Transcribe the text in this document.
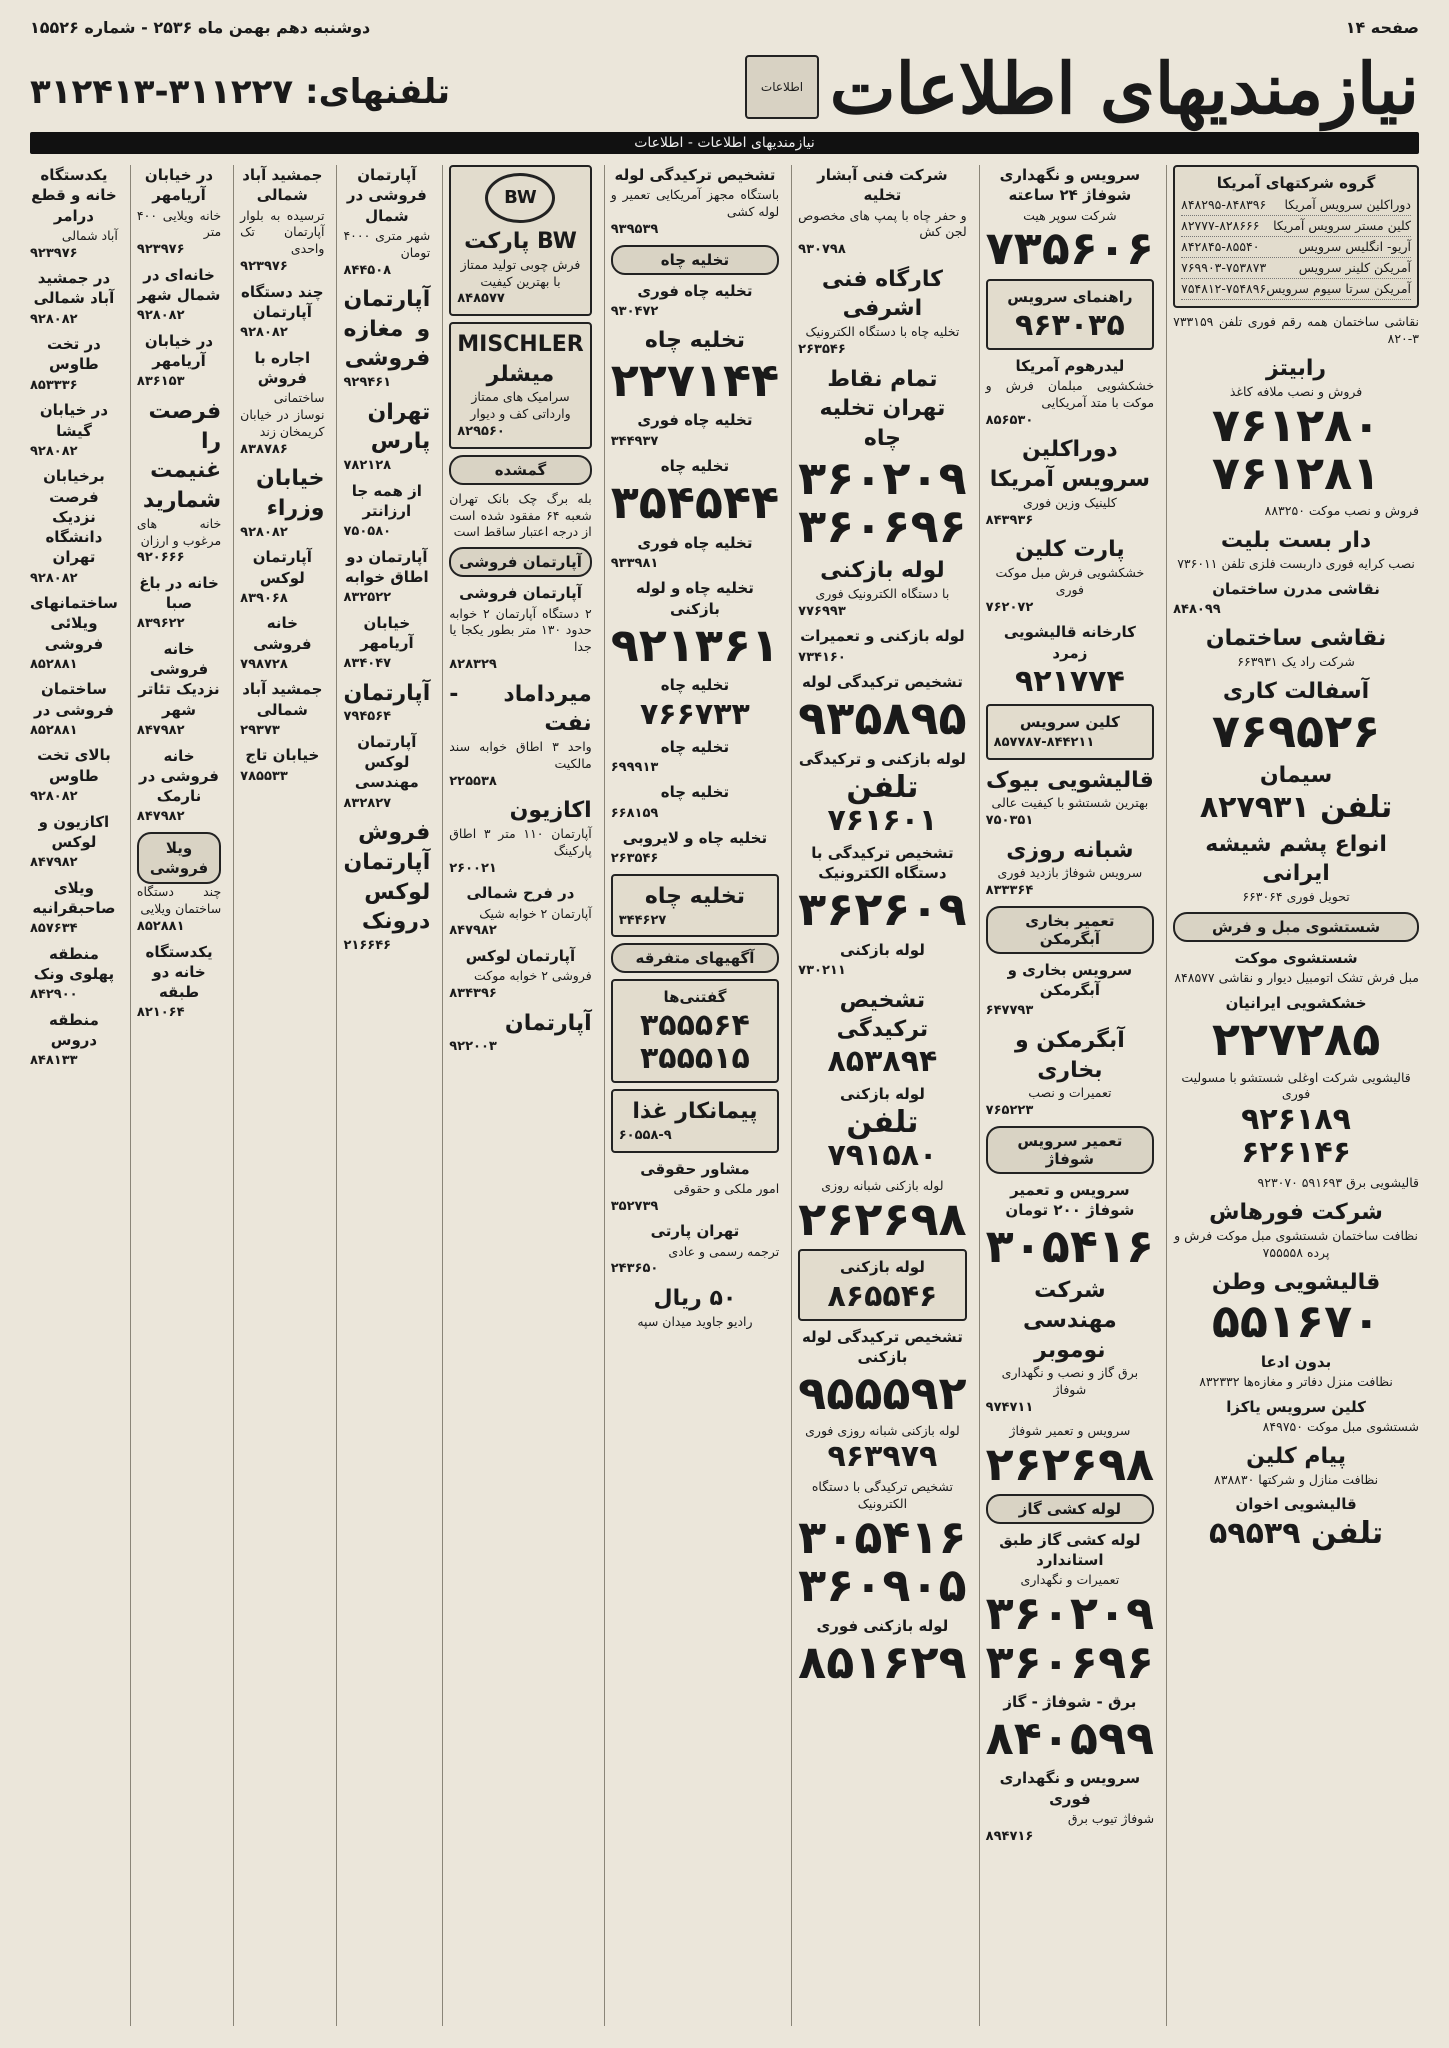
صفحه ۱۴
دوشنبه دهم بهمن ماه ۲۵۳۶ - شماره ۱۵۵۲۶
نیازمندیهای اطلاعات
اطلاعات
تلفنهای: ۳۱۱۲۲۷-۳۱۲۴۱۳
نیازمندیهای اطلاعات - اطلاعات
گروه شرکتهای آمریکا
دوراکلین سرویس آمریکا
۸۴۸۲۹۵-۸۴۸۳۹۶
کلین مستر سرویس آمریکا
۸۲۷۷۷-۸۲۸۶۶۶
آریو- انگلیس سرویس
۸۴۲۸۴۵-۸۵۵۴۰
آمریکن کلینر سرویس
۷۶۹۹۰۳-۷۵۳۸۷۳
آمریکن سرتا سیوم سرویس
۷۵۴۸۱۲-۷۵۴۸۹۶
نقاشی ساختمان همه رقم فوری تلفن ۷۳۳۱۵۹ ۳-۸۲۰
رابیتز
فروش و نصب ملافه کاغذ
۷۶۱۲۸۰
۷۶۱۲۸۱
فروش و نصب موکت ۸۸۳۲۵۰
دار بست بلیت
نصب کرایه فوری داربست فلزی تلفن ۷۳۶۰۱۱
نقاشی مدرن ساختمان
۸۴۸۰۹۹
نقاشی ساختمان
شرکت راد یک ۶۶۳۹۳۱
آسفالت کاری
۷۶۹۵۲۶
سیمان
تلفن ۸۲۷۹۳۱
انواع پشم شیشه ایرانی
تحویل فوری ۶۶۳۰۶۴
شستشوی مبل و فرش
شستشوی موکت
مبل فرش تشک اتومبیل دیوار و نقاشی ۸۴۸۵۷۷
خشکشویی ایرانیان
۲۲۷۲۸۵
قالیشویی شرکت اوغلی شستشو با مسولیت فوری
۹۲۶۱۸۹
۶۲۶۱۴۶
قالیشویی برق ۵۹۱۶۹۳ ۹۲۳۰۷۰
شرکت فورهاش
نظافت ساختمان شستشوی مبل موکت فرش و پرده ۷۵۵۵۵۸
قالیشویی وطن
۵۵۱۶۷۰
بدون ادعا
نظافت منزل دفاتر و مغازه‌ها ۸۳۲۳۳۲
کلین سرویس یاکزا
شستشوی مبل موکت ۸۴۹۷۵۰
پیام کلین
نظافت منازل و شرکتها ۸۳۸۸۳۰
قالیشویی اخوان
تلفن ۵۹۵۳۹
سرویس و نگهداری شوفاژ ۲۴ ساعته
شرکت سوپر هیت
۷۳۵۶۰۶
راهنمای سرویس
۹۶۳۰۳۵
لیدرهوم آمریکا
خشکشویی مبلمان فرش و موکت با متد آمریکایی
۸۵۶۵۳۰
دوراکلین سرویس آمریکا
کلینیک وزین فوری
۸۴۳۹۳۶
پارت کلین
خشکشویی فرش مبل موکت فوری
۷۶۲۰۷۲
کارخانه قالیشویی زمرد
۹۲۱۷۷۴
کلین سرویس
۸۵۷۷۸۷-۸۴۴۲۱۱
قالیشویی بیوک
بهترین شستشو با کیفیت عالی
۷۵۰۳۵۱
شبانه روزی
سرویس شوفاژ بازدید فوری
۸۳۳۳۶۴
تعمیر بخاری آبگرمکن
سرویس بخاری و آبگرمکن
۶۴۷۷۹۳
آبگرمکن و بخاری
تعمیرات و نصب
۷۶۵۲۲۳
تعمیر سرویس شوفاژ
سرویس و تعمیر شوفاژ ۲۰۰ تومان
۳۰۵۴۱۶
شرکت مهندسی نوموبر
برق گاز و نصب و نگهداری شوفاژ
۹۷۴۷۱۱
سرویس و تعمیر شوفاژ
۲۶۲۶۹۸
لوله کشی گاز
لوله کشی گاز طبق استاندارد
تعمیرات و نگهداری
۳۶۰۲۰۹
۳۶۰۶۹۶
برق - شوفاژ - گاز
۸۴۰۵۹۹
سرویس و نگهداری فوری
شوفاژ تیوب برق
۸۹۴۷۱۶
شرکت فنی آبشار تخلیه
و حفر چاه با پمپ های مخصوص لجن کش
۹۳۰۷۹۸
کارگاه فنی اشرفی
تخلیه چاه با دستگاه الکترونیک
۲۶۳۵۴۶
تمام نقاط تهران تخلیه چاه
۳۶۰۲۰۹
۳۶۰۶۹۶
لوله بازکنی
با دستگاه الکترونیک فوری
۷۷۶۹۹۳
لوله بازکنی و تعمیرات
۷۳۴۱۶۰
تشخیص ترکیدگی لوله
۹۳۵۸۹۵
لوله بازکنی و ترکیدگی
تلفن ۷۶۱۶۰۱
تشخیص ترکیدگی با دستگاه الکترونیک
۳۶۲۶۰۹
لوله بازکنی
۷۳۰۲۱۱
تشخیص ترکیدگی
۸۵۳۸۹۴
لوله بازکنی
تلفن ۷۹۱۵۸۰
لوله بازکنی شبانه روزی
۲۶۲۶۹۸
لوله بازکنی
۸۶۵۵۴۶
تشخیص ترکیدگی لوله بازکنی
۹۵۵۵۹۲
لوله بازکنی شبانه روزی فوری
۹۶۳۹۷۹
تشخیص ترکیدگی با دستگاه الکترونیک
۳۰۵۴۱۶
۳۶۰۹۰۵
لوله بازکنی فوری
۸۵۱۶۲۹
تشخیص ترکیدگی لوله
باستگاه مجهز آمریکایی تعمیر و لوله کشی
۹۳۹۵۳۹
تخلیه چاه
تخلیه چاه فوری
۹۳۰۴۷۲
تخلیه چاه
۲۲۷۱۴۴
تخلیه چاه فوری
۳۴۴۹۳۷
تخلیه چاه
۳۵۴۵۴۴
تخلیه چاه فوری
۹۳۳۹۸۱
تخلیه چاه و لوله بازکنی
۹۲۱۳۶۱
تخلیه چاه
۷۶۶۷۳۳
تخلیه چاه
۶۹۹۹۱۳
تخلیه چاه
۶۶۸۱۵۹
تخلیه چاه و لایروبی
۲۶۳۵۴۶
تخلیه چاه
۳۴۴۶۲۷
آگهیهای متفرقه
گفتنی‌ها
۳۵۵۵۶۴
۳۵۵۵۱۵
پیمانکار غذا
۶۰۵۵۸-۹
مشاور حقوقی
امور ملکی و حقوقی
۳۵۲۷۳۹
تهران پارتی
ترجمه رسمی و عادی
۲۴۳۶۵۰
۵۰ ریال
رادیو جاوید میدان سپه
BW
BW پارکت
فرش چوبی تولید ممتاز با بهترین کیفیت
۸۴۸۵۷۷
MISCHLER میشلر
سرامیک های ممتاز وارداتی کف و دیوار
۸۲۹۵۶۰
گمشده
بله برگ چک بانک تهران شعبه ۶۴ مفقود شده است از درجه اعتبار ساقط است
آپارتمان فروشی
آپارتمان فروشی
۲ دستگاه آپارتمان ۲ خوابه حدود ۱۳۰ متر بطور یکجا یا جدا
۸۲۸۳۲۹
میرداماد - نفت
واحد ۳ اطاق خوابه سند مالکیت
۲۲۵۵۳۸
اکازیون
آپارتمان ۱۱۰ متر ۳ اطاق پارکینگ
۲۶۰۰۲۱
در فرح شمالی
آپارتمان ۲ خوابه شیک
۸۴۷۹۸۲
آپارتمان لوکس
فروشی ۲ خوابه موکت
۸۳۴۳۹۶
آپارتمان
۹۲۲۰۰۳
آپارتمان فروشی در شمال
شهر متری ۴۰۰۰ تومان
۸۴۴۵۰۸
آپارتمان و مغازه فروشی
۹۲۹۴۶۱
تهران پارس
۷۸۲۱۲۸
از همه جا ارزانتر
۷۵۰۵۸۰
آپارتمان دو اطاق خوابه
۸۳۲۵۲۲
خیابان آریامهر
۸۳۴۰۴۷
آپارتمان
۷۹۴۵۶۴
آپارتمان لوکس مهندسی
۸۳۲۸۲۷
فروش آپارتمان لوکس درونک
۲۱۶۶۴۶
جمشید آباد شمالی
ترسیده به بلوار آپارتمان تک واحدی
۹۲۳۹۷۶
چند دستگاه آپارتمان
۹۲۸۰۸۲
اجاره با فروش
ساختمانی نوساز در خیابان کریمخان زند
۸۳۸۷۸۶
خیابان وزراء
۹۲۸۰۸۲
آپارتمان لوکس
۸۳۹۰۶۸
خانه فروشی
۷۹۸۷۲۸
جمشید آباد شمالی
۲۹۳۷۳
خیابان تاج
۷۸۵۵۳۳
در خیابان آریامهر
خانه ویلایی ۴۰۰ متر
۹۲۳۹۷۶
خانه‌ای در شمال شهر
۹۲۸۰۸۲
در خیابان آریامهر
۸۳۶۱۵۳
فرصت را غنیمت شمارید
خانه های مرغوب و ارزان
۹۲۰۶۶۶
خانه در باغ صبا
۸۳۹۶۲۲
خانه فروشی نزدیک تئاتر شهر
۸۴۷۹۸۲
خانه فروشی در نارمک
۸۴۷۹۸۲
ویلا فروشی
چند دستگاه ساختمان ویلایی
۸۵۲۸۸۱
یکدستگاه خانه دو طبقه
۸۲۱۰۶۴
یکدستگاه خانه و قطع درامر
آباد شمالی
۹۲۳۹۷۶
در جمشید آباد شمالی
۹۲۸۰۸۲
در تخت طاوس
۸۵۳۳۳۶
در خیابان گیشا
۹۲۸۰۸۲
برخیابان فرصت نزدیک دانشگاه تهران
۹۲۸۰۸۲
ساختمانهای ویلائی فروشی
۸۵۲۸۸۱
ساختمان فروشی در
۸۵۲۸۸۱
بالای تخت طاوس
۹۲۸۰۸۲
اکازیون و لوکس
۸۴۷۹۸۲
ویلای صاحبقرانیه
۸۵۷۶۳۴
منطقه پهلوی ونک
۸۴۲۹۰۰
منطقه دروس
۸۴۸۱۳۳
